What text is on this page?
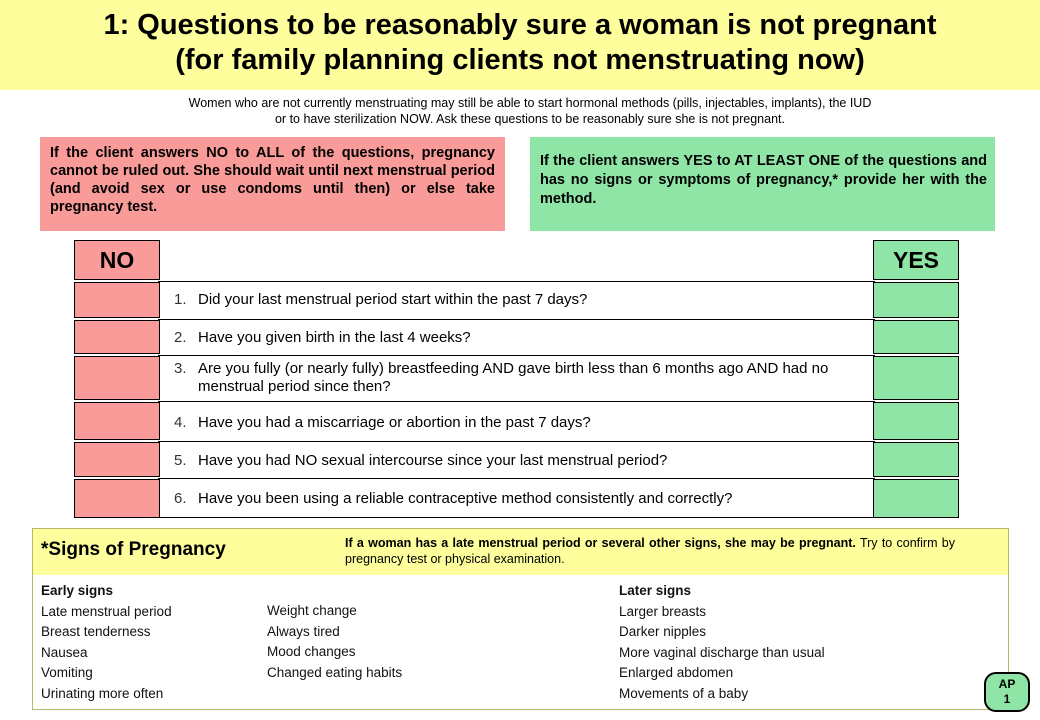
1: Questions to be reasonably sure a woman is not pregnant
(for family planning clients not menstruating now)
Women who are not currently menstruating may still be able to start hormonal methods (pills, injectables, implants), the IUD
or to have sterilization NOW. Ask these questions to be reasonably sure she is not pregnant.
If the client answers NO to ALL of the questions, pregnancy cannot be ruled out. She should wait until next menstrual period (and avoid sex or use condoms until then) or else take pregnancy test.
If the client answers YES to AT LEAST ONE of the questions and has no signs or symptoms of pregnancy,* provide her with the method.
NO	YES
1. Did your last menstrual period start within the past 7 days?
2. Have you given birth in the last 4 weeks?
3. Are you fully (or nearly fully) breastfeeding AND gave birth less than 6 months ago AND had no menstrual period since then?
4. Have you had a miscarriage or abortion in the past 7 days?
5. Have you had NO sexual intercourse since your last menstrual period?
6. Have you been using a reliable contraceptive method consistently and correctly?
*Signs of Pregnancy	If a woman has a late menstrual period or several other signs, she may be pregnant. Try to confirm by pregnancy test or physical examination.
Early signs
Late menstrual period
Breast tenderness
Nausea
Vomiting
Urinating more often
Weight change
Always tired
Mood changes
Changed eating habits
Later signs
Larger breasts
Darker nipples
More vaginal discharge than usual
Enlarged abdomen
Movements of a baby
AP
1
